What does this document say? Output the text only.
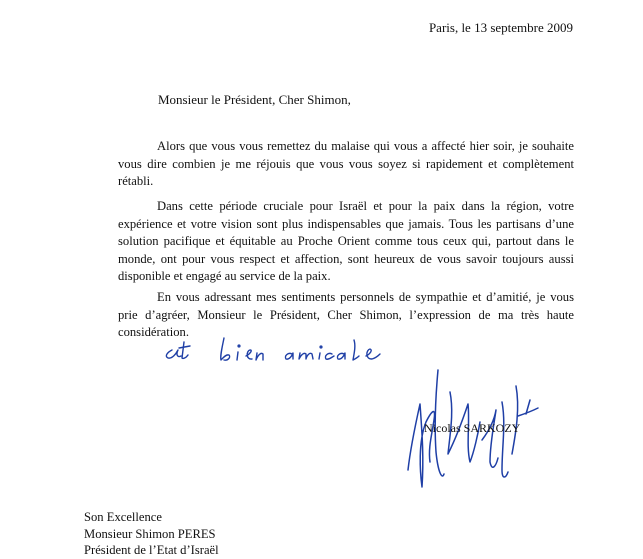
Paris, le 13 septembre 2009
Monsieur le Président, Cher Shimon,

Alors que vous vous remettez du malaise qui vous a affecté hier soir, je souhaite vous dire combien je me réjouis que vous vous soyez si rapidement et complètement rétabli.

Dans cette période cruciale pour Israël et pour la paix dans la région, votre expérience et votre vision sont plus indispensables que jamais. Tous les partisans d’une solution pacifique et équitable au Proche Orient comme tous ceux qui, partout dans le monde, ont pour vous respect et affection, sont heureux de vous savoir toujours aussi disponible et engagé au service de la paix.

En vous adressant mes sentiments personnels de sympathie et d’amitié, je vous prie d’agréer, Monsieur le Président, Cher Shimon, l’expression de ma très haute considération.

Nicolas SARKOZY
Son Excellence
Monsieur Shimon PERES
Président de l’Etat d’Israël
